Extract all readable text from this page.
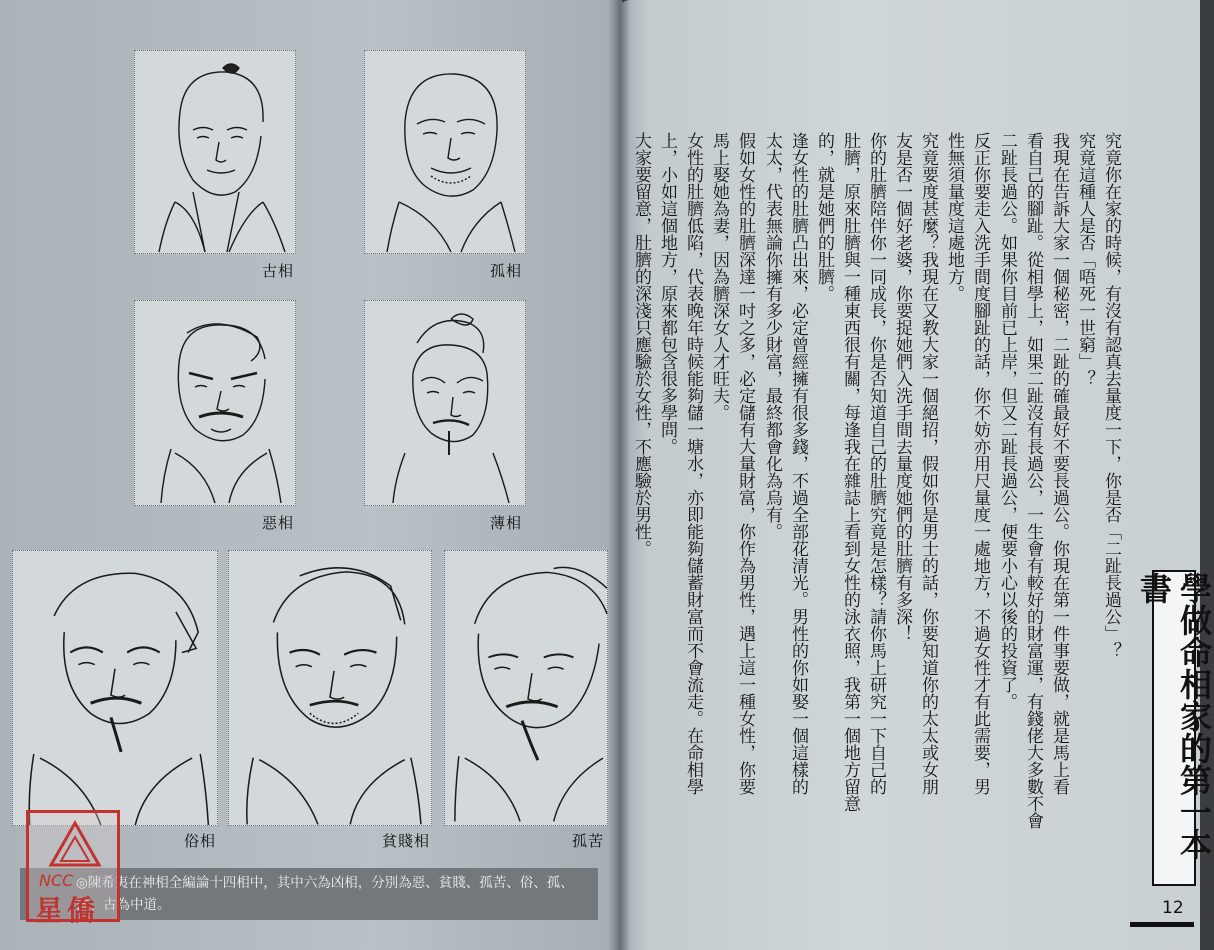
古相	孤相
惡相	薄相
俗相	貧賤相	孤苦
◎陳希夷在神相全編論十四相中，其中六為凶相，分別為惡、貧賤、孤苦、俗、孤、薄、古為中道。
NCC
星僑
究竟你在家的時候，有沒有認真去量度一下，你是否「二趾長過公」？
究竟這種人是否「唔死一世窮」？
我現在告訴大家一個秘密，二趾的確最好不要長過公。你現在第一件事要做，就是馬上看
看自己的腳趾。從相學上，如果二趾沒有長過公，一生會有較好的財富運，有錢佬大多數不會
二趾長過公。如果你目前已上岸，但又二趾長過公，便要小心以後的投資了。
反正你要走入洗手間度腳趾的話，你不妨亦用尺量度一處地方，不過女性才有此需要，男
性無須量度這處地方。
究竟要度甚麼？我現在又教大家一個絕招，假如你是男士的話，你要知道你的太太或女朋
友是否一個好老婆，你要捉她們入洗手間去量度她們的肚臍有多深！
你的肚臍陪伴你一同成長，你是否知道自己的肚臍究竟是怎樣？請你馬上研究一下自己的
肚臍，原來肚臍與一種東西很有關，每逢我在雜誌上看到女性的泳衣照，我第一個地方留意
的，就是她們的肚臍。
逢女性的肚臍凸出來，必定曾經擁有很多錢，不過全部花清光。男性的你如娶一個這樣的
太太，代表無論你擁有多少財富，最終都會化為烏有。
假如女性的肚臍深達一吋之多，必定儲有大量財富，你作為男性，遇上這一種女性，你要
馬上娶她為妻，因為臍深女人才旺夫。
女性的肚臍低陷，代表晚年時候能夠儲一塘水，亦即能夠儲蓄財富而不會流走。在命相學	學做命相家的第一本書
12
上，小如這個地方，原來都包含很多學問。
大家要留意，肚臍的深淺只應驗於女性，不應驗於男性。
